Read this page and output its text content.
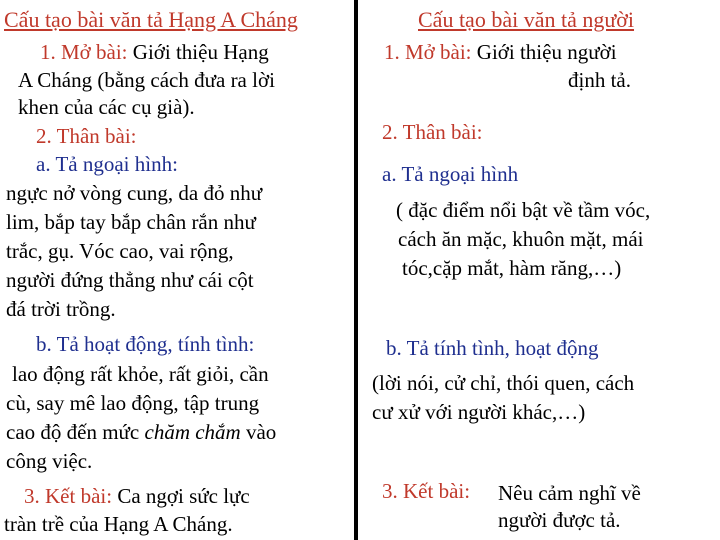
Cấu tạo bài văn tả Hạng A Cháng
1. Mở bài: Giới thiệu Hạng
A Cháng (bằng cách đưa ra lời
khen của các cụ già).
2. Thân bài:
a. Tả ngoại hình:
ngực nở vòng cung, da đỏ như
lim, bắp tay bắp chân rắn như
trắc, gụ. Vóc cao, vai rộng,
người đứng thẳng như cái cột
đá trời trồng.
b. Tả hoạt động, tính tình:
lao động rất khỏe, rất giỏi, cần
cù, say mê lao động, tập trung
cao độ đến mức chăm chắm vào
công việc.
3. Kết bài: Ca ngợi sức lực
tràn trề của Hạng A Cháng.
Cấu tạo bài văn tả người
1. Mở bài: Giới thiệu người
định tả.
2. Thân bài:
a. Tả ngoại hình
( đặc điểm nổi bật về tầm vóc,
cách ăn mặc, khuôn mặt, mái
tóc,cặp mắt, hàm răng,…)
b. Tả tính tình, hoạt động
(lời nói, cử chỉ, thói quen, cách
cư xử với người khác,…)
3. Kết bài: Nêu cảm nghĩ về
người được tả.
